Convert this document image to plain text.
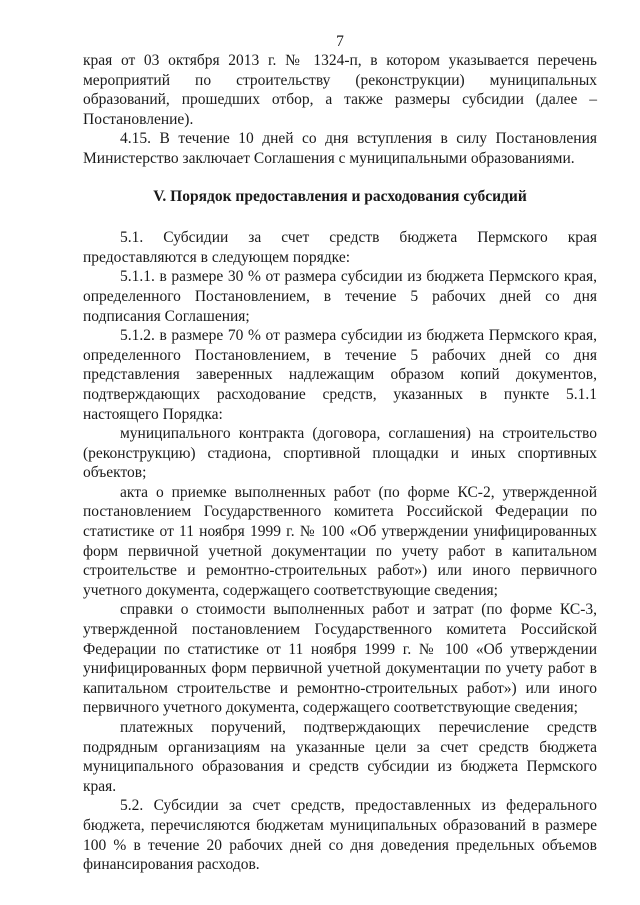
7

края от 03 октября 2013 г. № 1324-п, в котором указывается перечень мероприятий по строительству (реконструкции) муниципальных образований, прошедших отбор, а также размеры субсидии (далее – Постановление).

4.15. В течение 10 дней со дня вступления в силу Постановления Министерство заключает Соглашения с муниципальными образованиями.

V. Порядок предоставления и расходования субсидий

5.1. Субсидии за счет средств бюджета Пермского края предоставляются в следующем порядке:

5.1.1. в размере 30 % от размера субсидии из бюджета Пермского края, определенного Постановлением, в течение 5 рабочих дней со дня подписания Соглашения;

5.1.2. в размере 70 % от размера субсидии из бюджета Пермского края, определенного Постановлением, в течение 5 рабочих дней со дня представления заверенных надлежащим образом копий документов, подтверждающих расходование средств, указанных в пункте 5.1.1 настоящего Порядка:

муниципального контракта (договора, соглашения) на строительство (реконструкцию) стадиона, спортивной площадки и иных спортивных объектов;

акта о приемке выполненных работ (по форме КС-2, утвержденной постановлением Государственного комитета Российской Федерации по статистике от 11 ноября 1999 г. № 100 «Об утверждении унифицированных форм первичной учетной документации по учету работ в капитальном строительстве и ремонтно-строительных работ») или иного первичного учетного документа, содержащего соответствующие сведения;

справки о стоимости выполненных работ и затрат (по форме КС-3, утвержденной постановлением Государственного комитета Российской Федерации по статистике от 11 ноября 1999 г. № 100 «Об утверждении унифицированных форм первичной учетной документации по учету работ в капитальном строительстве и ремонтно-строительных работ») или иного первичного учетного документа, содержащего соответствующие сведения;

платежных поручений, подтверждающих перечисление средств подрядным организациям на указанные цели за счет средств бюджета муниципального образования и средств субсидии из бюджета Пермского края.

5.2. Субсидии за счет средств, предоставленных из федерального бюджета, перечисляются бюджетам муниципальных образований в размере 100 % в течение 20 рабочих дней со дня доведения предельных объемов финансирования расходов.
